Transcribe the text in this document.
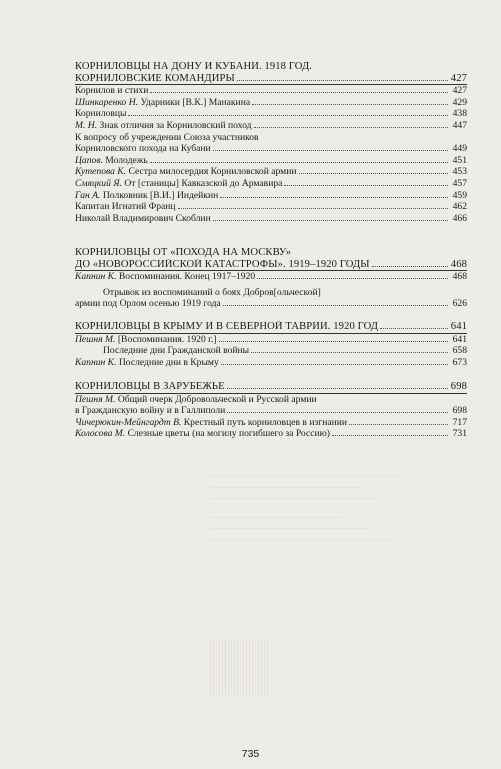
КОРНИЛОВЦЫ НА ДОНУ И КУБАНИ. 1918 ГОД.
КОРНИЛОВСКИЕ КОМАНДИРЫ	427
Корнилов и стихи	427
Шинкаренко Н. Ударники [В.К.] Манакина	429
Корниловцы	438
М. Н. Знак отличия за Корниловский поход	447
К вопросу об учреждении Союза участников
Корниловского похода на Кубани	449
Цапов. Молодежь	451
Кутепова К. Сестра милосердия Корниловской армии	453
Смяцкий Я. От [станицы] Кавказской до Армавира	457
Ган А. Полковник [В.И.] Индейкин	459
Капитан Игнатий Франц	462
Николай Владимирович Скоблин	466
КОРНИЛОВЦЫ ОТ «ПОХОДА НА МОСКВУ»
ДО «НОВОРОССИЙСКОЙ КАТАСТРОФЫ». 1919–1920 ГОДЫ	468
Капнин К. Воспоминания. Конец 1917–1920	468
Отрывок из воспоминаний о боях Добров[ольческой]
армии под Орлом осенью 1919 года	626
КОРНИЛОВЦЫ В КРЫМУ И В СЕВЕРНОЙ ТАВРИИ. 1920 ГОД	641
Пешня М. [Воспоминания. 1920 г.]	641
Последние дни Гражданской войны	658
Капнин К. Последние дни в Крыму	673
КОРНИЛОВЦЫ В ЗАРУБЕЖЬЕ	698
Пешня М. Общий очерк Добровольческой и Русской армии
в Гражданскую войну и в Галлиполи	698
Чичерюкин-Мейнгардт В. Крестный путь корниловцев в изгнании	717
Колосова М. Слезные цветы (на могилу погибшего за Россию)	731
735
